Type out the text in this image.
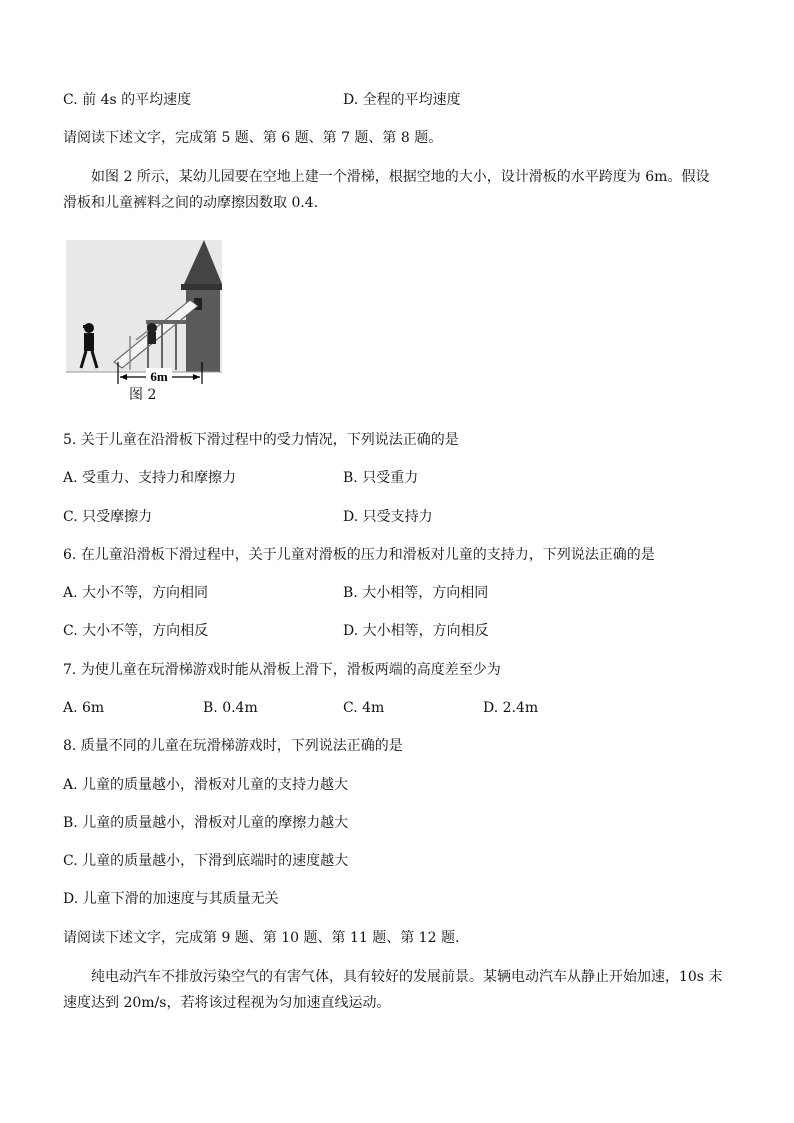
C. 前 4s 的平均速度	D. 全程的平均速度
请阅读下述文字，完成第 5 题、第 6 题、第 7 题、第 8 题。
如图 2 所示，某幼儿园要在空地上建一个滑梯，根据空地的大小，设计滑板的水平跨度为 6m。假设滑板和儿童裤料之间的动摩擦因数取 0.4.
6m
图 2
5. 关于儿童在沿滑板下滑过程中的受力情况，下列说法正确的是
A. 受重力、支持力和摩擦力	B. 只受重力
C. 只受摩擦力	D. 只受支持力
6. 在儿童沿滑板下滑过程中，关于儿童对滑板的压力和滑板对儿童的支持力，下列说法正确的是
A. 大小不等，方向相同	B. 大小相等，方向相同
C. 大小不等，方向相反	D. 大小相等，方向相反
7. 为使儿童在玩滑梯游戏时能从滑板上滑下，滑板两端的高度差至少为
A. 6m	B. 0.4m	C. 4m	D. 2.4m
8. 质量不同的儿童在玩滑梯游戏时，下列说法正确的是
A. 儿童的质量越小，滑板对儿童的支持力越大
B. 儿童的质量越小，滑板对儿童的摩擦力越大
C. 儿童的质量越小，下滑到底端时的速度越大
D. 儿童下滑的加速度与其质量无关
请阅读下述文字，完成第 9 题、第 10 题、第 11 题、第 12 题.
纯电动汽车不排放污染空气的有害气体，具有较好的发展前景。某辆电动汽车从静止开始加速，10s 末速度达到 20m/s，若将该过程视为匀加速直线运动。
